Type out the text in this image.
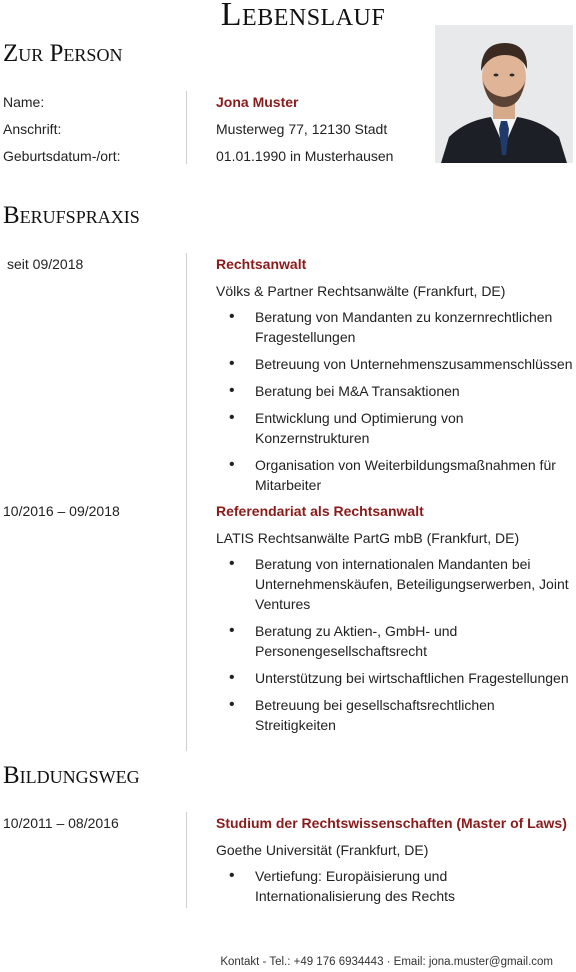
Lebenslauf
Zur Person
Name:	Jona Muster
Anschrift:	Musterweg 77, 12130 Stadt
Geburtsdatum-/ort:	01.01.1990 in Musterhausen
Berufspraxis
seit 09/2018	Rechtsanwalt
Völks & Partner Rechtsanwälte (Frankfurt, DE)
• Beratung von Mandanten zu konzernrechtlichen Fragestellungen
• Betreuung von Unternehmenszusammenschlüssen
• Beratung bei M&A Transaktionen
• Entwicklung und Optimierung von Konzernstrukturen
• Organisation von Weiterbildungsmaßnahmen für Mitarbeiter
10/2016 – 09/2018	Referendariat als Rechtsanwalt
LATIS Rechtsanwälte PartG mbB (Frankfurt, DE)
• Beratung von internationalen Mandanten bei Unternehmenskäufen, Beteiligungserwerben, Joint Ventures
• Beratung zu Aktien-, GmbH- und Personengesellschaftsrecht
• Unterstützung bei wirtschaftlichen Fragestellungen
• Betreuung bei gesellschaftsrechtlichen Streitigkeiten
Bildungsweg
10/2011 – 08/2016	Studium der Rechtswissenschaften (Master of Laws)
Goethe Universität (Frankfurt, DE)
• Vertiefung: Europäisierung und Internationalisierung des Rechts
Kontakt - Tel.: +49 176 6934443 · Email: jona.muster@gmail.com
